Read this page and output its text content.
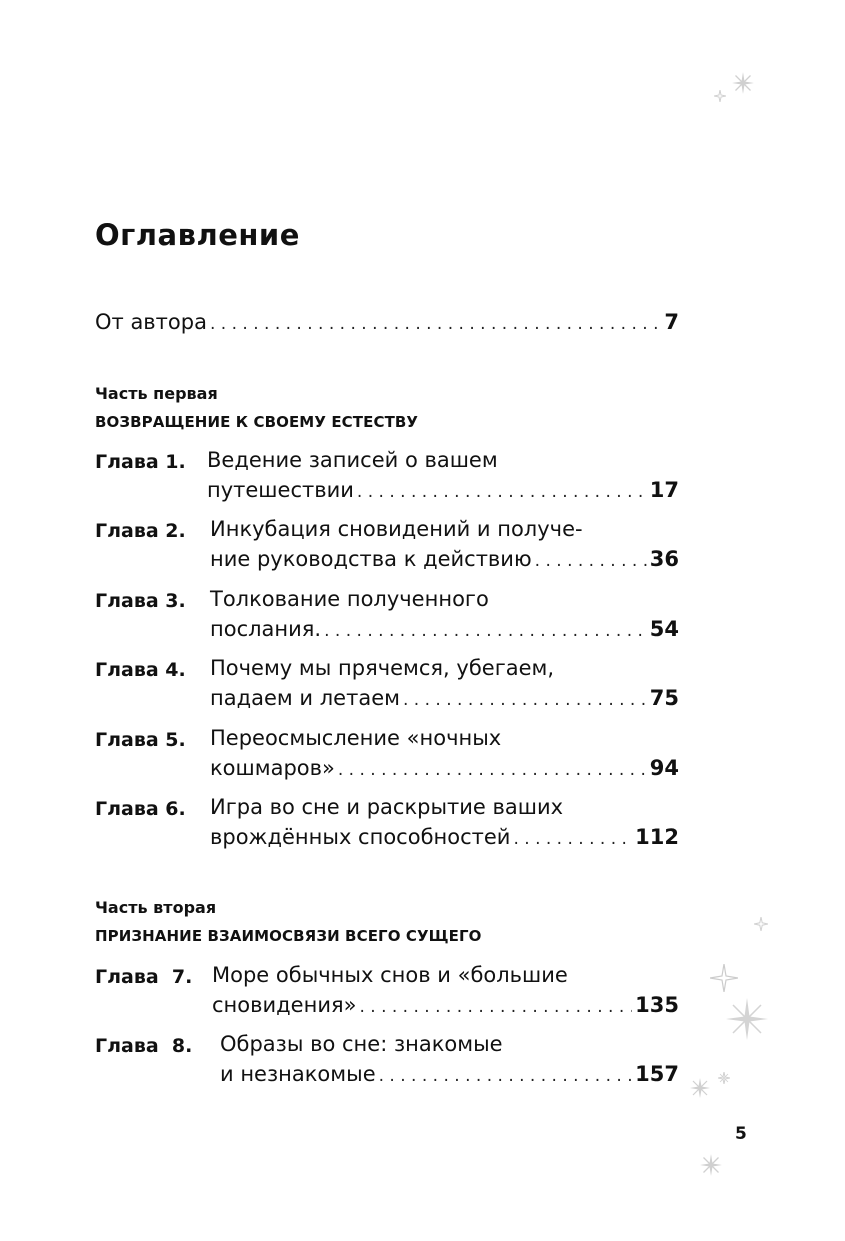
Оглавление
От автора . . .	7
Часть первая
ВОЗВРАЩЕНИЕ К СВОЕМУ ЕСТЕСТВУ
Глава 1. Ведение записей о вашем
путешествии . . .	17
Глава 2. Инкубация сновидений и получе-
ние руководства к действию . . .	36
Глава 3. Толкование полученного
послания. . . .	54
Глава 4. Почему мы прячемся, убегаем,
падаем и летаем . . .	75
Глава 5. Переосмысление «ночных
кошмаров» . . .	94
Глава 6. Игра во сне и раскрытие ваших
врождённых способностей . . .	112
Часть вторая
ПРИЗНАНИЕ ВЗАИМОСВЯЗИ ВСЕГО СУЩЕГО
Глава  7. Море обычных снов и «большие
сновидения» . . .	135
Глава  8. Образы во сне: знакомые
и незнакомые . . .	157
5
